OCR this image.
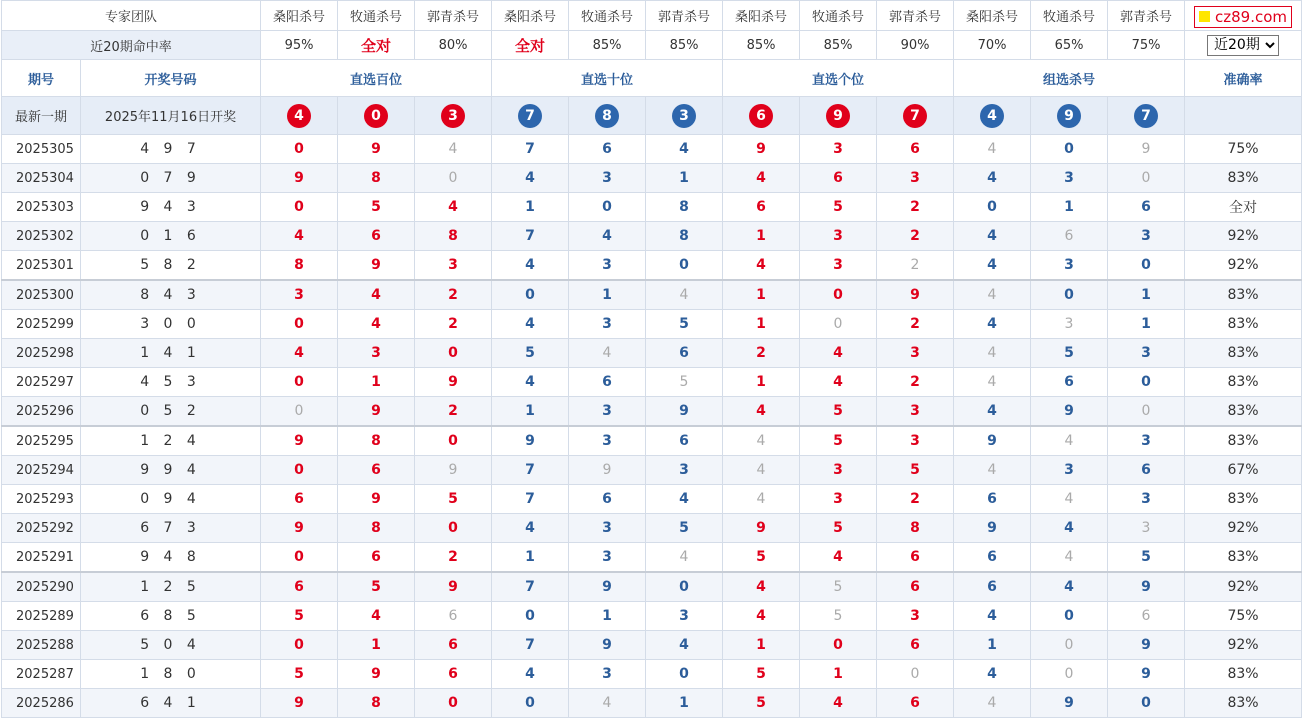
专家团队		桑阳杀号	牧通杀号	郭青杀号	桑阳杀号	牧通杀号	郭青杀号	桑阳杀号	牧通杀号	郭青杀号	桑阳杀号	牧通杀号	郭青杀号	cz89.com

近20期命中率		95%	全对	80%	全对	85%	85%	85%	85%	90%	70%	65%	75%	
近20期
期号	开奖号码	直选百位			直选十位			直选个位			组选杀号			准确率
最新一期	2025年11月16日开奖	4	0	3	7	8	3	6	9	7	4	9	7	
2025305	4 9 7	0	9	4	7	6	4	9	3	6	4	0	9	75%
2025304	0 7 9	9	8	0	4	3	1	4	6	3	4	3	0	83%
2025303	9 4 3	0	5	4	1	0	8	6	5	2	0	1	6	全对
2025302	0 1 6	4	6	8	7	4	8	1	3	2	4	6	3	92%
2025301	5 8 2	8	9	3	4	3	0	4	3	2	4	3	0	92%
2025300	8 4 3	3	4	2	0	1	4	1	0	9	4	0	1	83%
2025299	3 0 0	0	4	2	4	3	5	1	0	2	4	3	1	83%
2025298	1 4 1	4	3	0	5	4	6	2	4	3	4	5	3	83%
2025297	4 5 3	0	1	9	4	6	5	1	4	2	4	6	0	83%
2025296	0 5 2	0	9	2	1	3	9	4	5	3	4	9	0	83%
2025295	1 2 4	9	8	0	9	3	6	4	5	3	9	4	3	83%
2025294	9 9 4	0	6	9	7	9	3	4	3	5	4	3	6	67%
2025293	0 9 4	6	9	5	7	6	4	4	3	2	6	4	3	83%
2025292	6 7 3	9	8	0	4	3	5	9	5	8	9	4	3	92%
2025291	9 4 8	0	6	2	1	3	4	5	4	6	6	4	5	83%
2025290	1 2 5	6	5	9	7	9	0	4	5	6	6	4	9	92%
2025289	6 8 5	5	4	6	0	1	3	4	5	3	4	0	6	75%
2025288	5 0 4	0	1	6	7	9	4	1	0	6	1	0	9	92%
2025287	1 8 0	5	9	6	4	3	0	5	1	0	4	0	9	83%
2025286	6 4 1	9	8	0	0	4	1	5	4	6	4	9	0	83%
